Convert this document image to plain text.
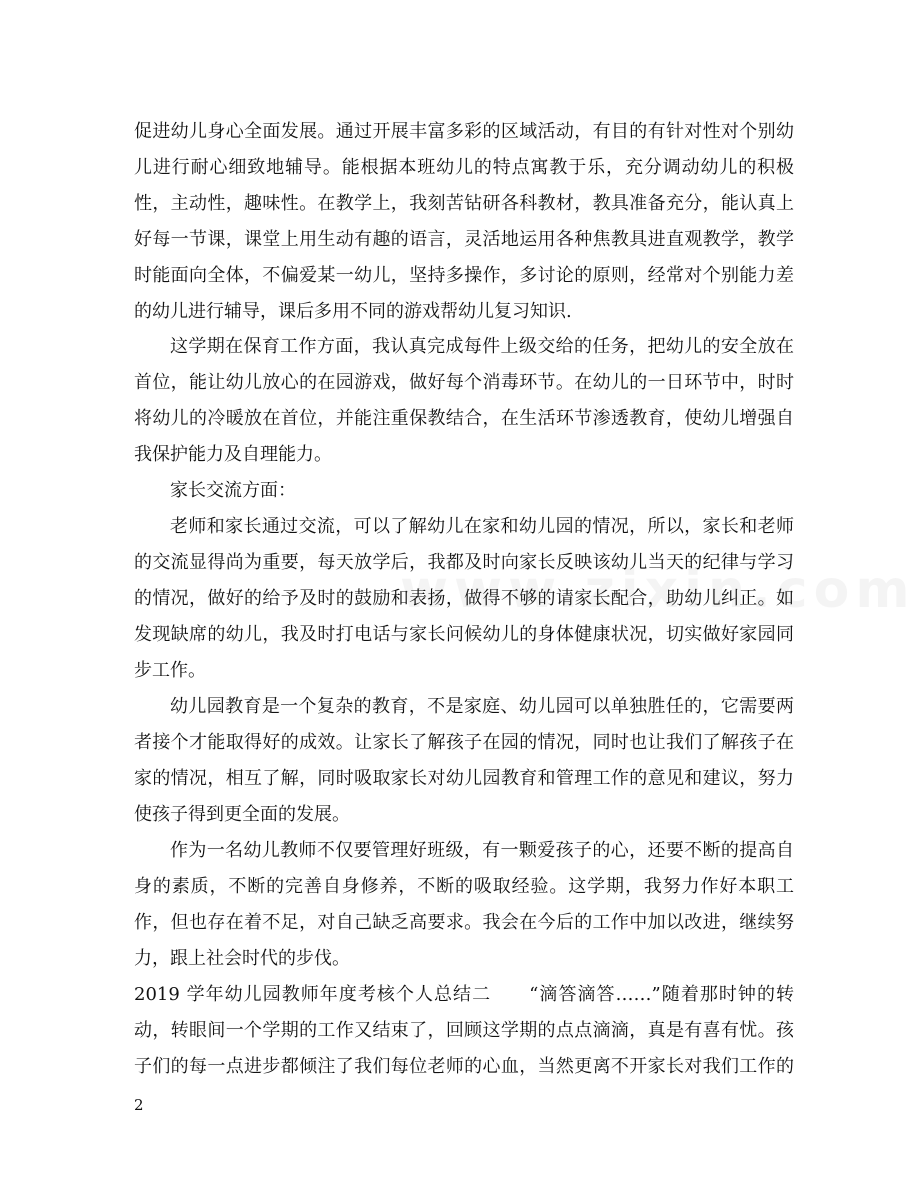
促进幼儿身心全面发展。通过开展丰富多彩的区域活动，有目的有针对性对个别幼
儿进行耐心细致地辅导。能根据本班幼儿的特点寓教于乐，充分调动幼儿的积极
性，主动性，趣味性。在教学上，我刻苦钻研各科教材，教具准备充分，能认真上
好每一节课，课堂上用生动有趣的语言，灵活地运用各种焦教具进直观教学，教学
时能面向全体，不偏爱某一幼儿，坚持多操作，多讨论的原则，经常对个别能力差
的幼儿进行辅导，课后多用不同的游戏帮幼儿复习知识.
这学期在保育工作方面，我认真完成每件上级交给的任务，把幼儿的安全放在
首位，能让幼儿放心的在园游戏，做好每个消毒环节。在幼儿的一日环节中，时时
将幼儿的冷暖放在首位，并能注重保教结合，在生活环节渗透教育，使幼儿增强自
我保护能力及自理能力。
家长交流方面：
老师和家长通过交流，可以了解幼儿在家和幼儿园的情况，所以，家长和老师
的交流显得尚为重要，每天放学后，我都及时向家长反映该幼儿当天的纪律与学习
的情况，做好的给予及时的鼓励和表扬，做得不够的请家长配合，助幼儿纠正。如
发现缺席的幼儿，我及时打电话与家长问候幼儿的身体健康状况，切实做好家园同
步工作。
幼儿园教育是一个复杂的教育，不是家庭、幼儿园可以单独胜任的，它需要两
者接个才能取得好的成效。让家长了解孩子在园的情况，同时也让我们了解孩子在
家的情况，相互了解，同时吸取家长对幼儿园教育和管理工作的意见和建议，努力
使孩子得到更全面的发展。
作为一名幼儿教师不仅要管理好班级，有一颗爱孩子的心，还要不断的提高自
身的素质，不断的完善自身修养，不断的吸取经验。这学期，我努力作好本职工
作，但也存在着不足，对自己缺乏高要求。我会在今后的工作中加以改进，继续努
力，跟上社会时代的步伐。
2019 学年幼儿园教师年度考核个人总结二　　“滴答滴答……”随着那时钟的转
动，转眼间一个学期的工作又结束了，回顾这学期的点点滴滴，真是有喜有忧。孩
子们的每一点进步都倾注了我们每位老师的心血，当然更离不开家长对我们工作的
2
